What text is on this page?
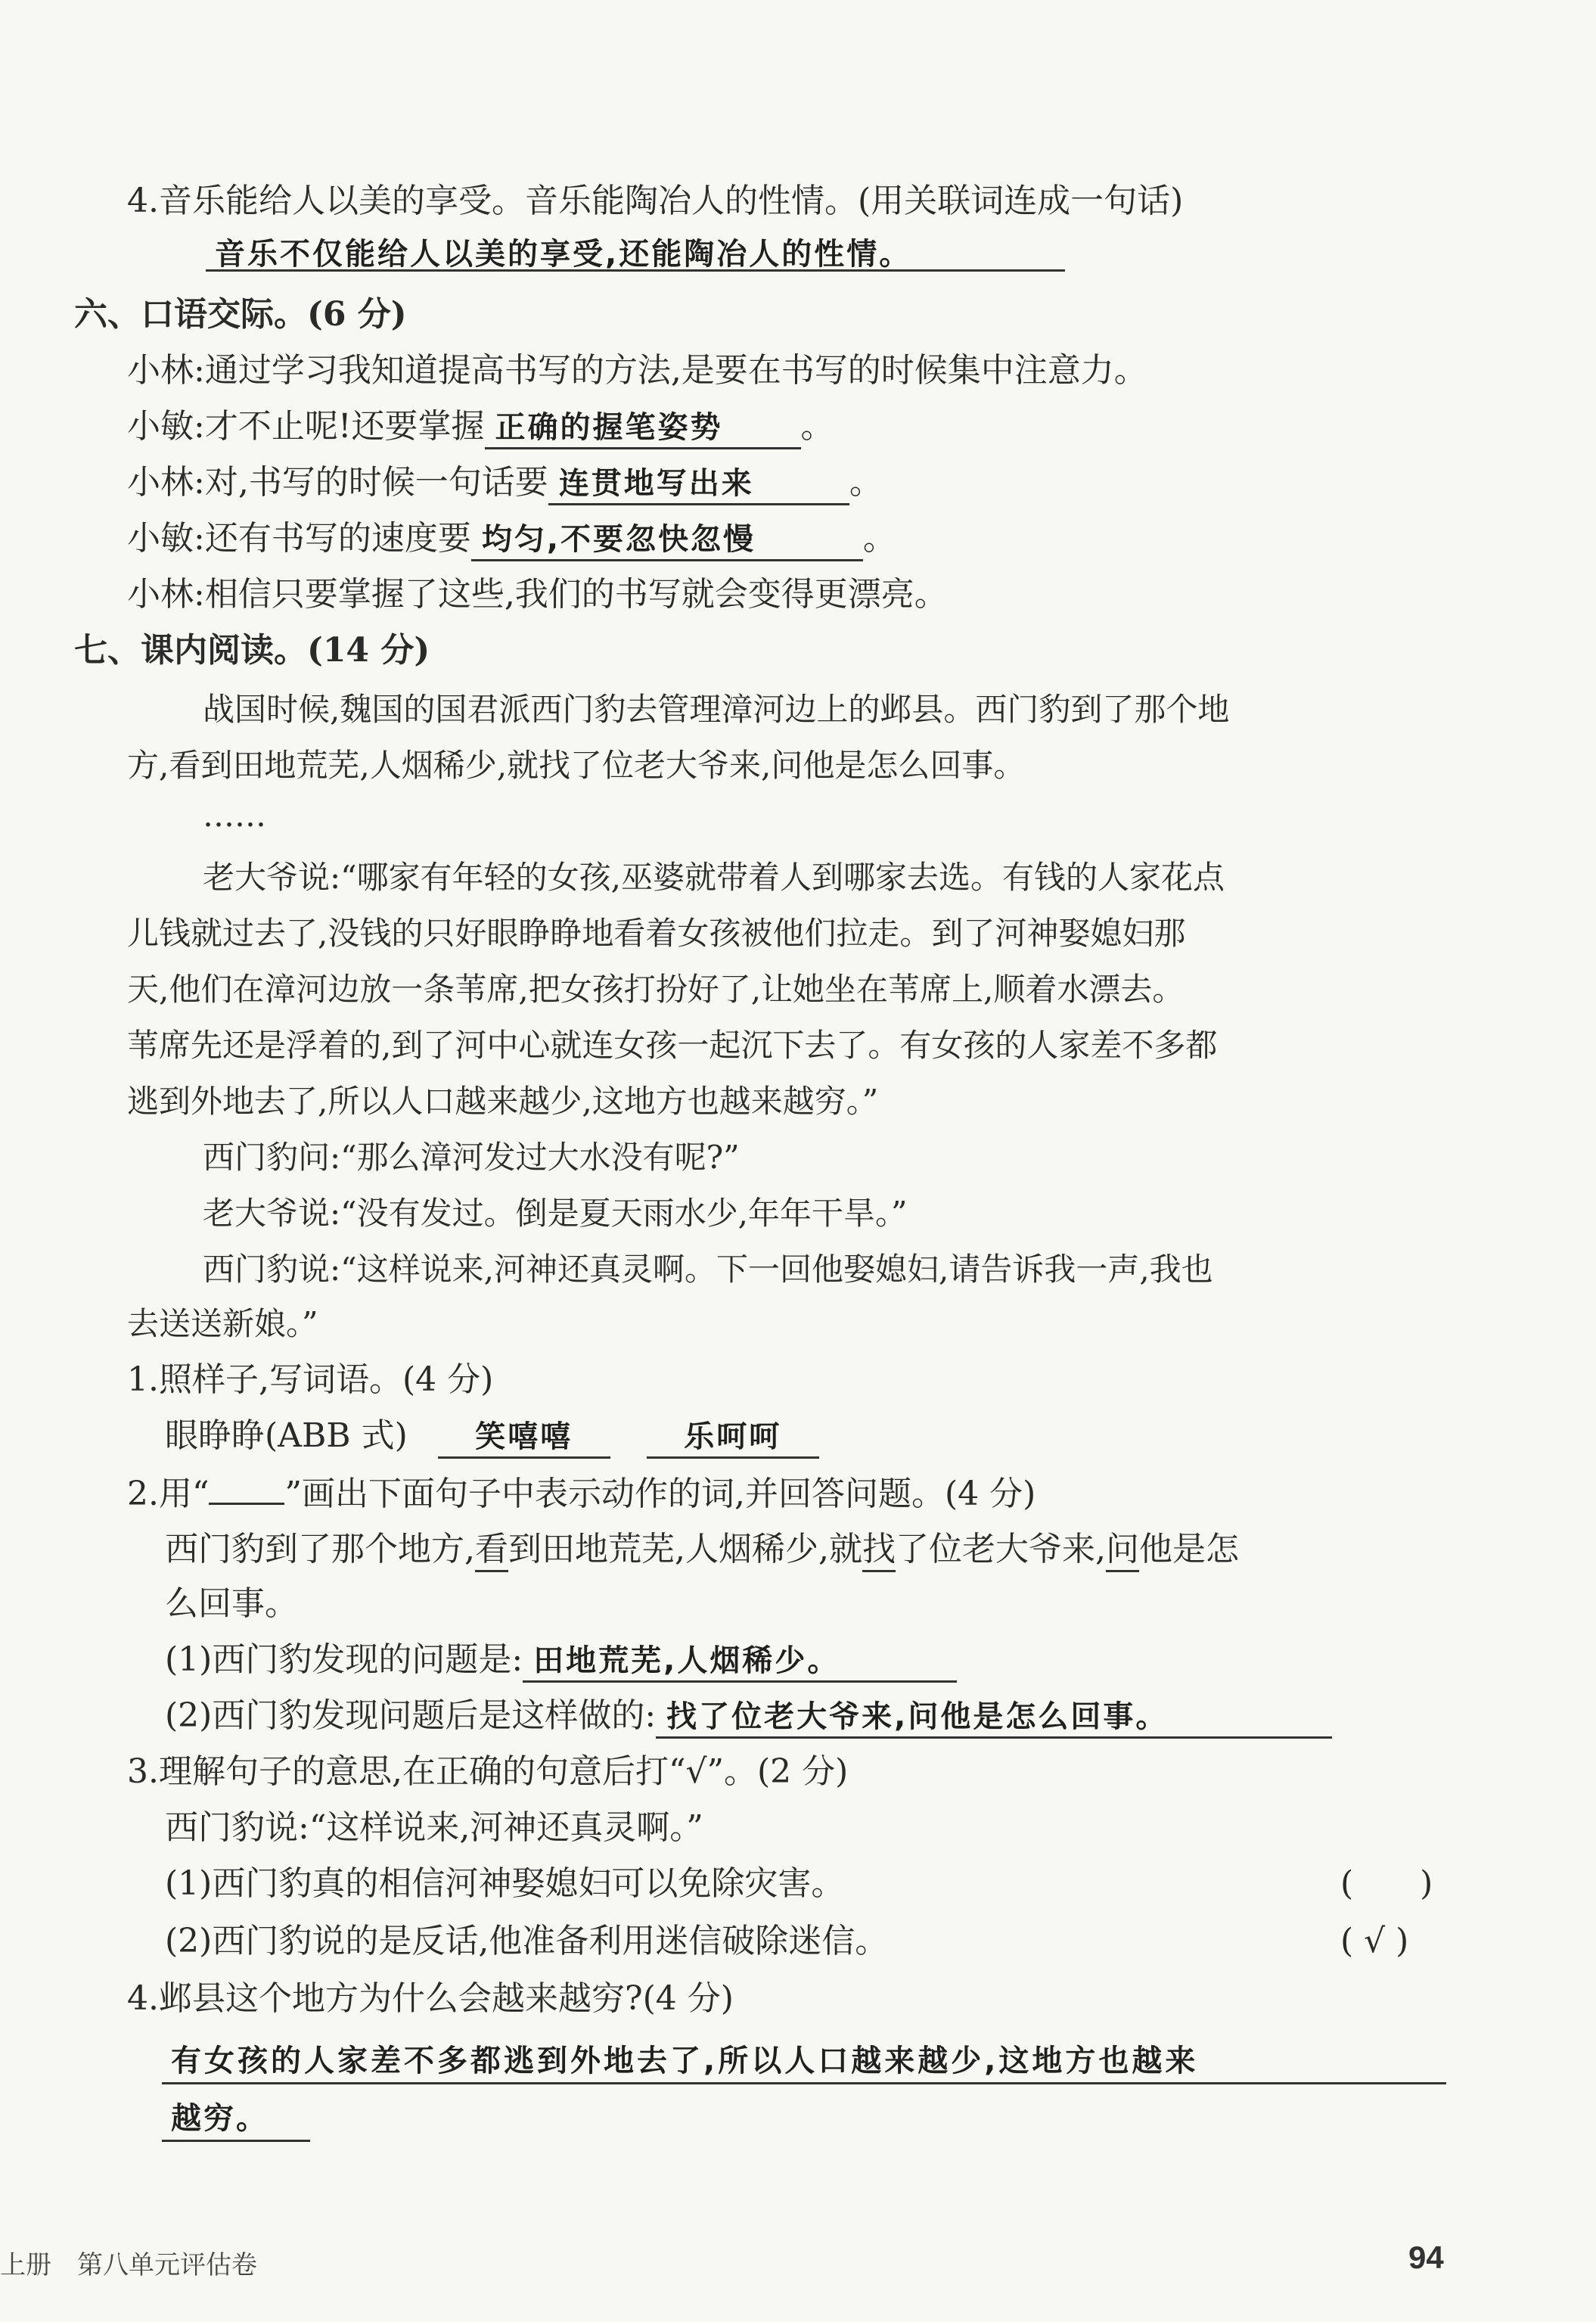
4.音乐能给人以美的享受。音乐能陶冶人的性情。(用关联词连成一句话)
音乐不仅能给人以美的享受,还能陶冶人的性情。
六、口语交际。(6 分)
小林:通过学习我知道提高书写的方法,是要在书写的时候集中注意力。
小敏:才不止呢!还要掌握 正确的握笔姿势 。
小林:对,书写的时候一句话要 连贯地写出来	。
小敏:还有书写的速度要 均匀,不要忽快忽慢	。
小林:相信只要掌握了这些,我们的书写就会变得更漂亮。
七、课内阅读。(14 分)
战国时候,魏国的国君派西门豹去管理漳河边上的邺县。西门豹到了那个地
方,看到田地荒芜,人烟稀少,就找了位老大爷来,问他是怎么回事。
……
老大爷说:“哪家有年轻的女孩,巫婆就带着人到哪家去选。有钱的人家花点
儿钱就过去了,没钱的只好眼睁睁地看着女孩被他们拉走。到了河神娶媳妇那
天,他们在漳河边放一条苇席,把女孩打扮好了,让她坐在苇席上,顺着水漂去。
苇席先还是浮着的,到了河中心就连女孩一起沉下去了。有女孩的人家差不多都
逃到外地去了,所以人口越来越少,这地方也越来越穷。”
西门豹问:“那么漳河发过大水没有呢?”
老大爷说:“没有发过。倒是夏天雨水少,年年干旱。”
西门豹说:“这样说来,河神还真灵啊。下一回他娶媳妇,请告诉我一声,我也
去送送新娘。”
1.照样子,写词语。(4 分)
眼睁睁(ABB 式) 笑嘻嘻	乐呵呵
2.用“ ”画出下面句子中表示动作的词,并回答问题。(4 分)
西门豹到了那个地方,看到田地荒芜,人烟稀少,就找了位老大爷来,问他是怎
么回事。
(1)西门豹发现的问题是: 田地荒芜,人烟稀少。
(2)西门豹发现问题后是这样做的: 找了位老大爷来,问他是怎么回事。
3.理解句子的意思,在正确的句意后打“√”。(2 分)
西门豹说:“这样说来,河神还真灵啊。”
(1)西门豹真的相信河神娶媳妇可以免除灾害。	(　　)
(2)西门豹说的是反话,他准备利用迷信破除迷信。	( √ )
4.邺县这个地方为什么会越来越穷?(4 分)
有女孩的人家差不多都逃到外地去了,所以人口越来越少,这地方也越来
越穷。
上册　第八单元评估卷	94
